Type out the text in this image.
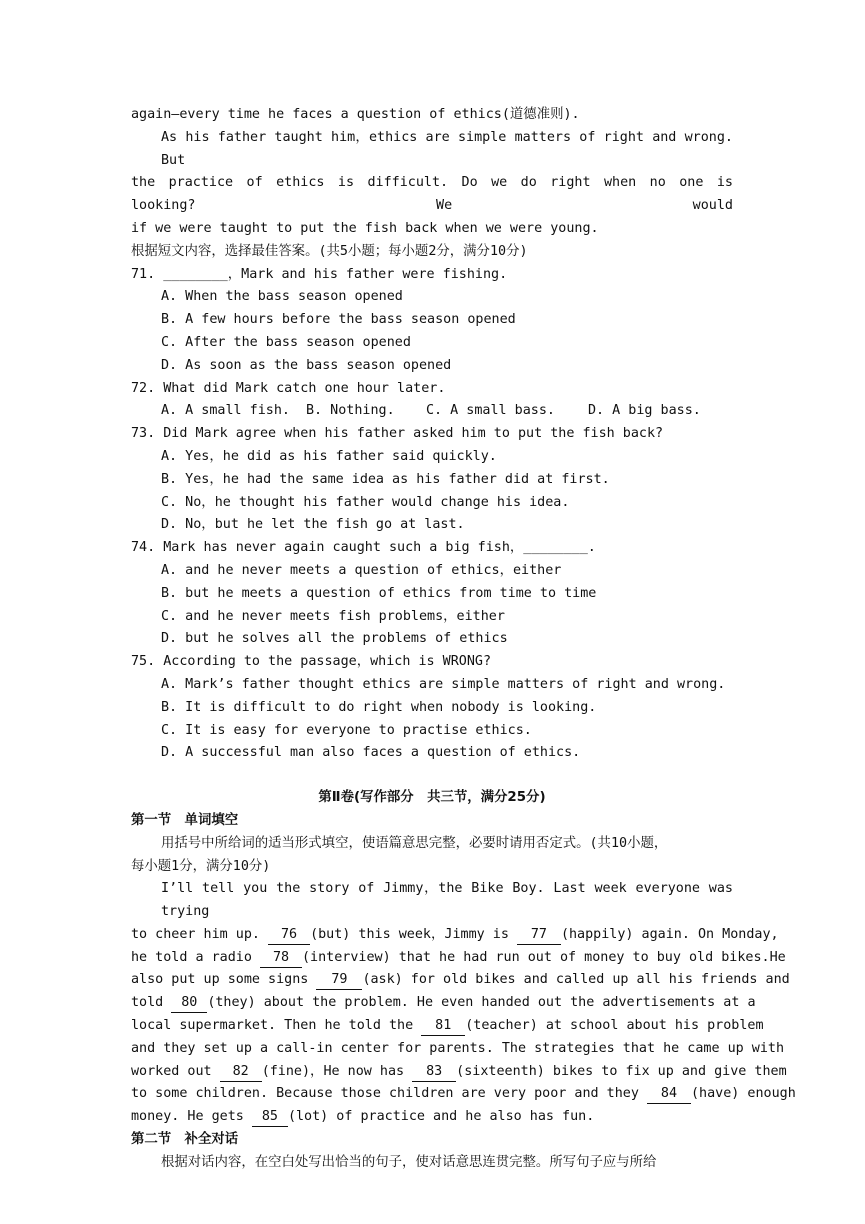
again—every time he faces a question of ethics(道德准则).
As his father taught him，ethics are simple matters of right and wrong. But
the practice of ethics is difficult. Do we do right when no one is looking? We would
if we were taught to put the fish back when we were young.
根据短文内容，选择最佳答案。(共5小题；每小题2分，满分10分)
71. ________，Mark and his father were fishing.
A. When the bass season opened
B. A few hours before the bass season opened
C. After the bass season opened
D. As soon as the bass season opened
72. What did Mark catch one hour later.
A. A small fish. B. Nothing. C. A small bass. D. A big bass.
73. Did Mark agree when his father asked him to put the fish back?
A. Yes，he did as his father said quickly.
B. Yes，he had the same idea as his father did at first.
C. No，he thought his father would change his idea.
D. No，but he let the fish go at last.
74. Mark has never again caught such a big fish，________.
A. and he never meets a question of ethics，either
B. but he meets a question of ethics from time to time
C. and he never meets fish problems，either
D. but he solves all the problems of ethics
75. According to the passage，which is WRONG?
A. Mark’s father thought ethics are simple matters of right and wrong.
B. It is difficult to do right when nobody is looking.
C. It is easy for everyone to practise ethics.
D. A successful man also faces a question of ethics.
第Ⅱ卷(写作部分　共三节，满分25分)
第一节　单词填空
用括号中所给词的适当形式填空，使语篇意思完整，必要时请用否定式。(共10小题，
每小题1分，满分10分)
I’ll tell you the story of Jimmy，the Bike Boy. Last week everyone was trying
to cheer him up. 76 (but) this week，Jimmy is 77 (happily) again. On Monday,
he told a radio 78 (interview) that he had run out of money to buy old bikes.He
also put up some signs 79 (ask) for old bikes and called up all his friends and
told 80 (they) about the problem. He even handed out the advertisements at a
local supermarket. Then he told the 81 (teacher) at school about his problem
and they set up a call-in center for parents. The strategies that he came up with
worked out 82 (fine)，He now has 83 (sixteenth) bikes to fix up and give them
to some children. Because those children are very poor and they 84 (have) enough
money. He gets 85 (lot) of practice and he also has fun.
第二节　补全对话
根据对话内容，在空白处写出恰当的句子，使对话意思连贯完整。所写句子应与所给
